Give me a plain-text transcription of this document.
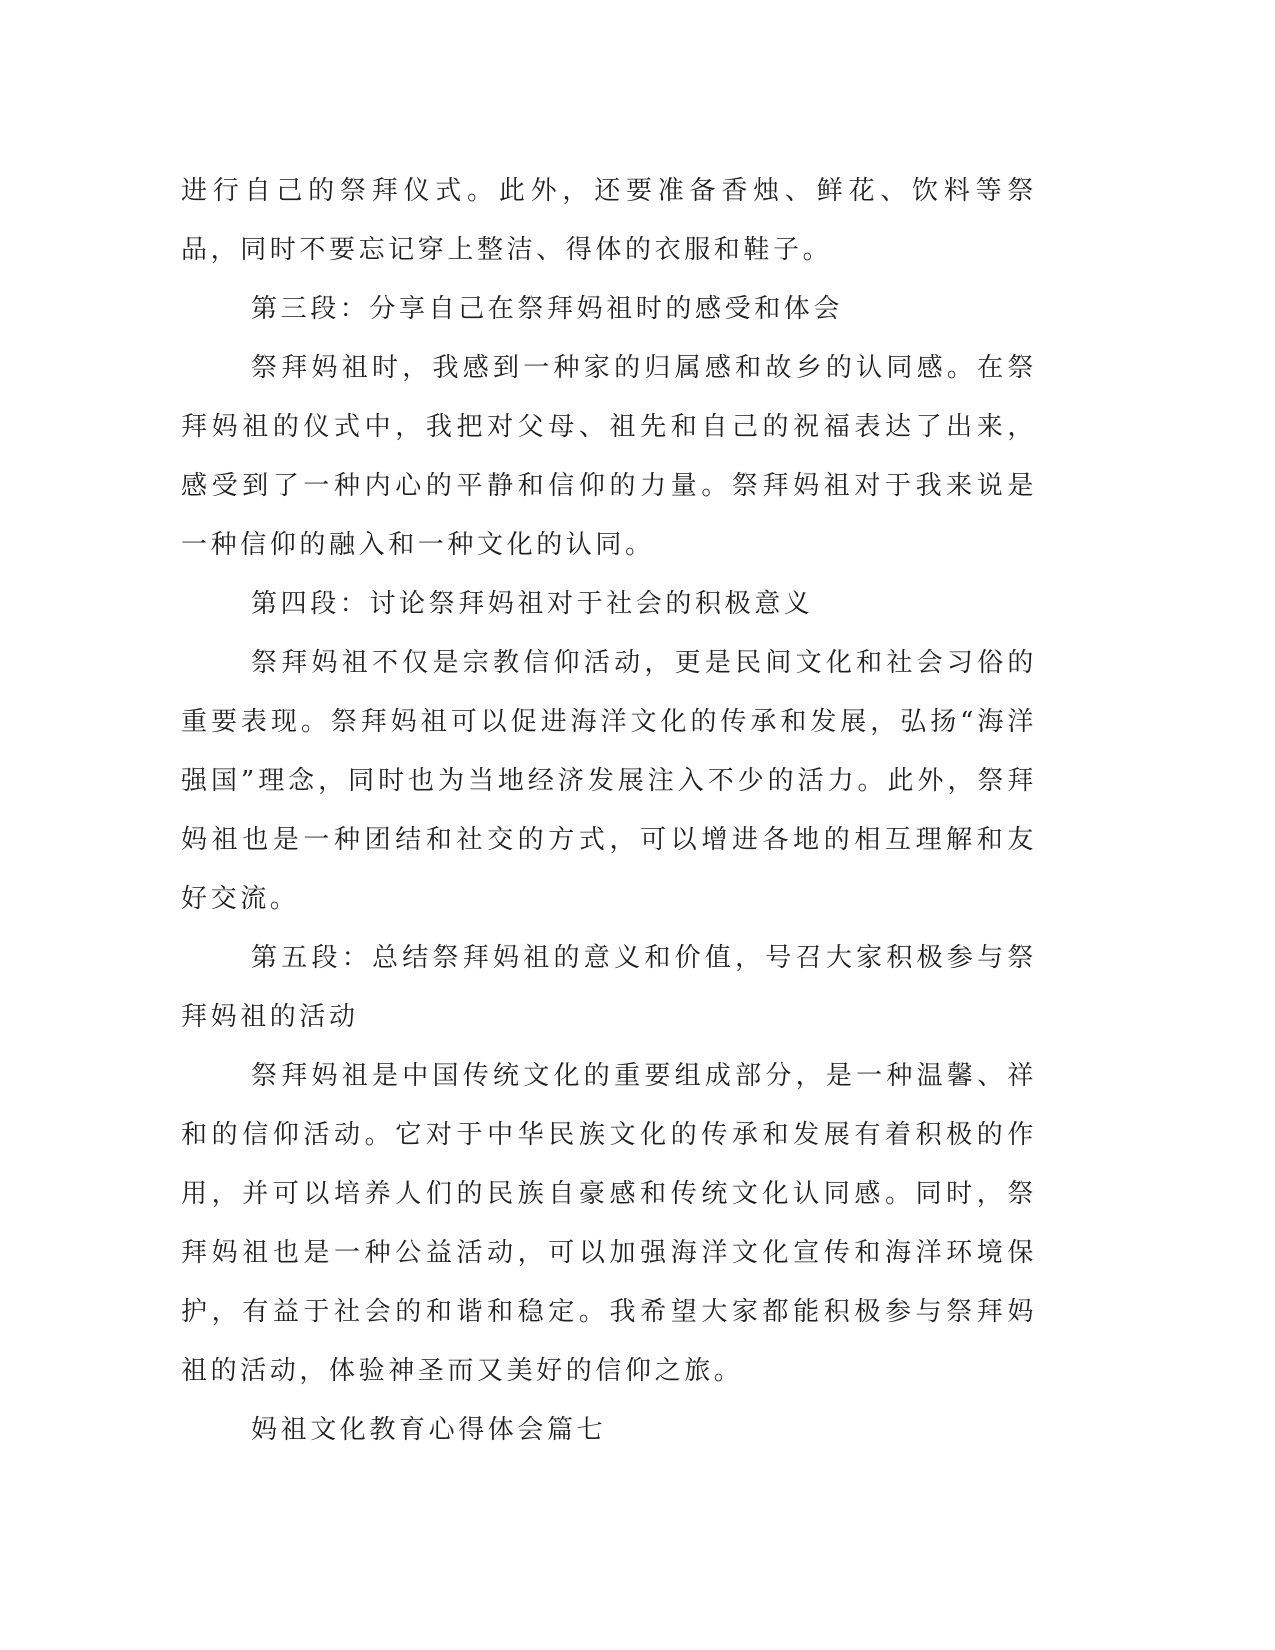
进行自己的祭拜仪式。此外，还要准备香烛、鲜花、饮料等祭品，同时不要忘记穿上整洁、得体的衣服和鞋子。

第三段：分享自己在祭拜妈祖时的感受和体会

祭拜妈祖时，我感到一种家的归属感和故乡的认同感。在祭拜妈祖的仪式中，我把对父母、祖先和自己的祝福表达了出来，感受到了一种内心的平静和信仰的力量。祭拜妈祖对于我来说是一种信仰的融入和一种文化的认同。

第四段：讨论祭拜妈祖对于社会的积极意义

祭拜妈祖不仅是宗教信仰活动，更是民间文化和社会习俗的重要表现。祭拜妈祖可以促进海洋文化的传承和发展，弘扬“海洋强国”理念，同时也为当地经济发展注入不少的活力。此外，祭拜妈祖也是一种团结和社交的方式，可以增进各地的相互理解和友好交流。

第五段：总结祭拜妈祖的意义和价值，号召大家积极参与祭拜妈祖的活动

祭拜妈祖是中国传统文化的重要组成部分，是一种温馨、祥和的信仰活动。它对于中华民族文化的传承和发展有着积极的作用，并可以培养人们的民族自豪感和传统文化认同感。同时，祭拜妈祖也是一种公益活动，可以加强海洋文化宣传和海洋环境保护，有益于社会的和谐和稳定。我希望大家都能积极参与祭拜妈祖的活动，体验神圣而又美好的信仰之旅。

妈祖文化教育心得体会篇七
